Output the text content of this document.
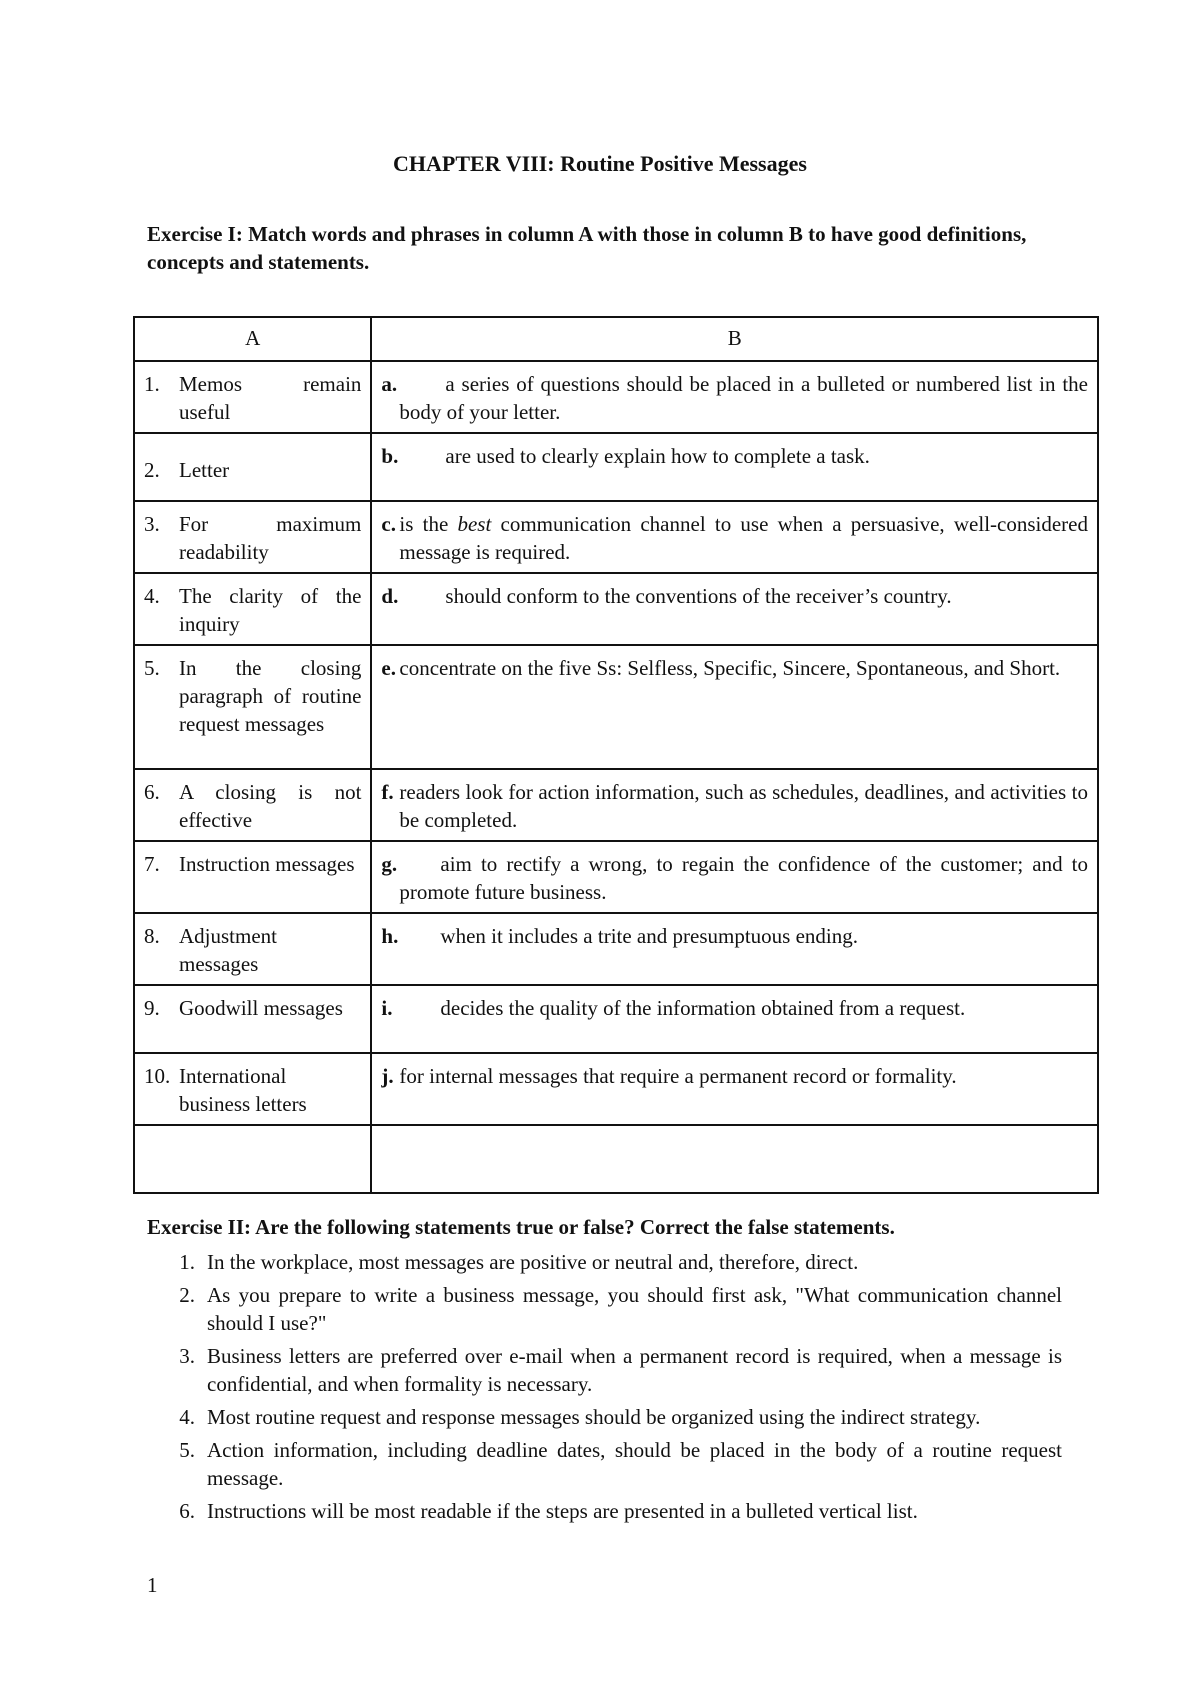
CHAPTER VIII: Routine Positive Messages
Exercise I: Match words and phrases in column A with those in column B to have good definitions, concepts and statements.
A	B

1. Memos remain useful	a. a series of questions should be placed in a bulleted or numbered list in the body of your letter.

2. Letter	b. are used to clearly explain how to complete a task.

3. For maximum readability	c. is the best communication channel to use when a persuasive, well-considered message is required.

4. The clarity of the inquiry	d. should conform to the conventions of the receiver’s country.

5. In the closing paragraph of routine request messages	e. concentrate on the five Ss: Selfless, Specific, Sincere, Spontaneous, and Short.

6. A closing is not effective	f. readers look for action information, such as schedules, deadlines, and activities to be completed.

7. Instruction messages	g. aim to rectify a wrong, to regain the confidence of the customer; and to promote future business.

8. Adjustment messages	h. when it includes a trite and presumptuous ending.

9. Goodwill messages	i. decides the quality of the information obtained from a request.

10. International business letters	j. for internal messages that require a permanent record or formality.

Exercise II: Are the following statements true or false? Correct the false statements.
1. In the workplace, most messages are positive or neutral and, therefore, direct.
2. As you prepare to write a business message, you should first ask, "What communication channel should I use?"
3. Business letters are preferred over e-mail when a permanent record is required, when a message is confidential, and when formality is necessary.
4. Most routine request and response messages should be organized using the indirect strategy.
5. Action information, including deadline dates, should be placed in the body of a routine request message.
6. Instructions will be most readable if the steps are presented in a bulleted vertical list.
1
